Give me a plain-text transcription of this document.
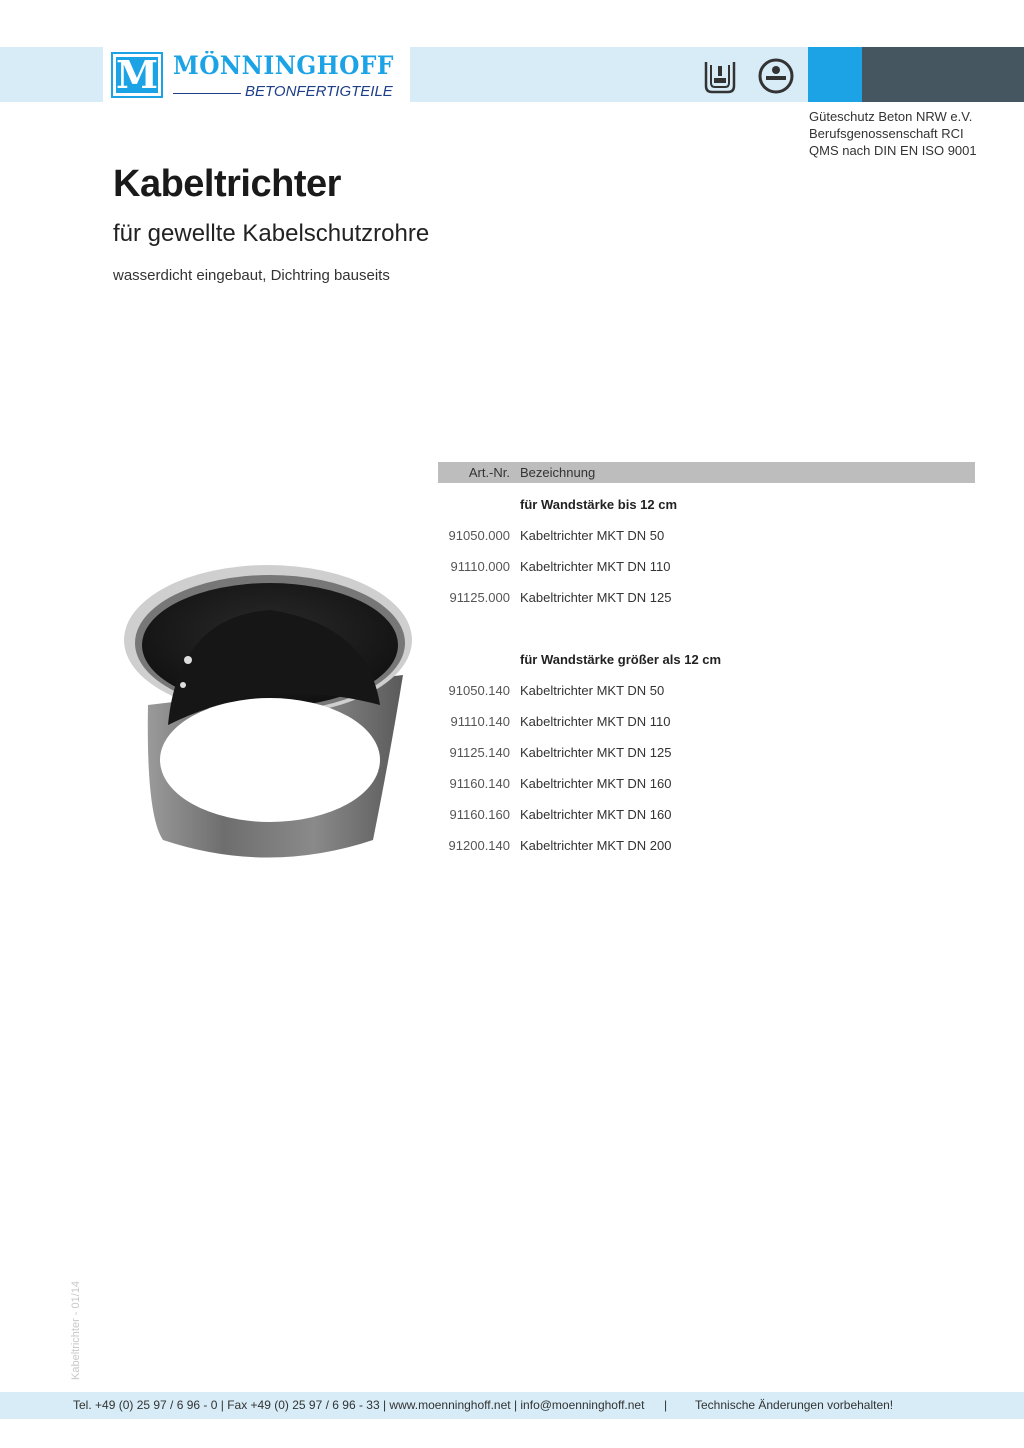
M MÖNNINGHOFF
BETONFERTIGTEILE
Güteschutz Beton NRW e.V.
Berufsgenossenschaft RCI
QMS nach DIN EN ISO 9001
Kabeltrichter
für gewellte Kabelschutzrohre
wasserdicht eingebaut, Dichtring bauseits
Art.-Nr. Bezeichnung
für Wandstärke bis 12 cm
91050.000 Kabeltrichter MKT DN 50
91110.000 Kabeltrichter MKT DN 110
91125.000 Kabeltrichter MKT DN 125
für Wandstärke größer als 12 cm
91050.140 Kabeltrichter MKT DN 50
91110.140 Kabeltrichter MKT DN 110
91125.140 Kabeltrichter MKT DN 125
91160.140 Kabeltrichter MKT DN 160
91160.160 Kabeltrichter MKT DN 160
91200.140 Kabeltrichter MKT DN 200
Kabeltrichter - 01/14
Tel. +49 (0) 25 97 / 6 96 - 0 | Fax +49 (0) 25 97 / 6 96 - 33 | www.moenninghoff.net | info@moenninghoff.net | Technische Änderungen vorbehalten!
